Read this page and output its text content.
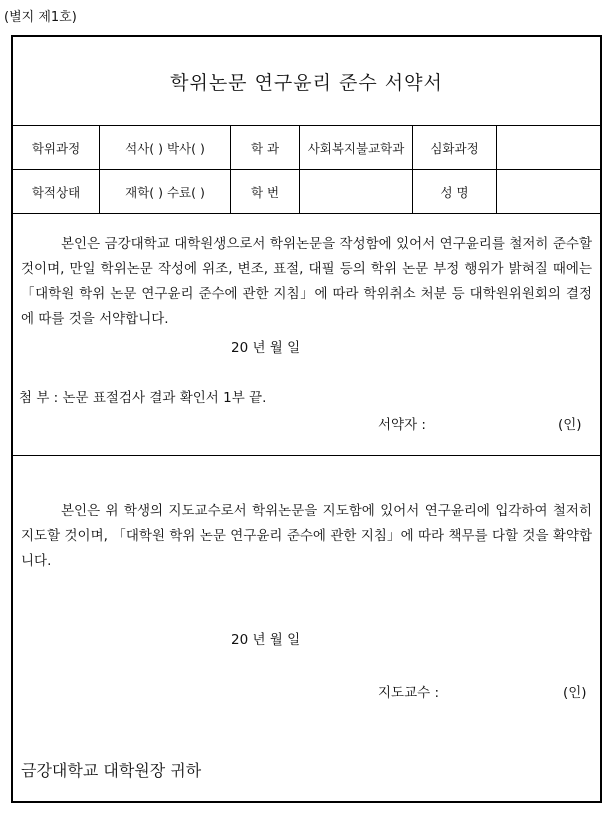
(별지 제1호)
학위논문 연구윤리 준수 서약서
학위과정	석사( ) 박사( )	학 과	사회복지불교학과	심화과정	
학적상태	재학( ) 수료( )	학 번		성 명	
본인은 금강대학교 대학원생으로서 학위논문을 작성함에 있어서 연구윤리를 철저히 준수할 것이며, 만일 학위논문 작성에 위조, 변조, 표절, 대필 등의 학위 논문 부정 행위가 밝혀질 때에는 「대학원 학위 논문 연구윤리 준수에 관한 지침」에 따라 학위취소 처분 등 대학원위원회의 결정에 따를 것을 서약합니다.
20 년 월 일
첨 부 : 논문 표절검사 결과 확인서 1부 끝.
서약자 :	(인)
본인은 위 학생의 지도교수로서 학위논문을 지도함에 있어서 연구윤리에 입각하여 철저히 지도할 것이며, 「대학원 학위 논문 연구윤리 준수에 관한 지침」에 따라 책무를 다할 것을 확약합니다.
20 년 월 일
지도교수 :	(인)
금강대학교 대학원장 귀하
